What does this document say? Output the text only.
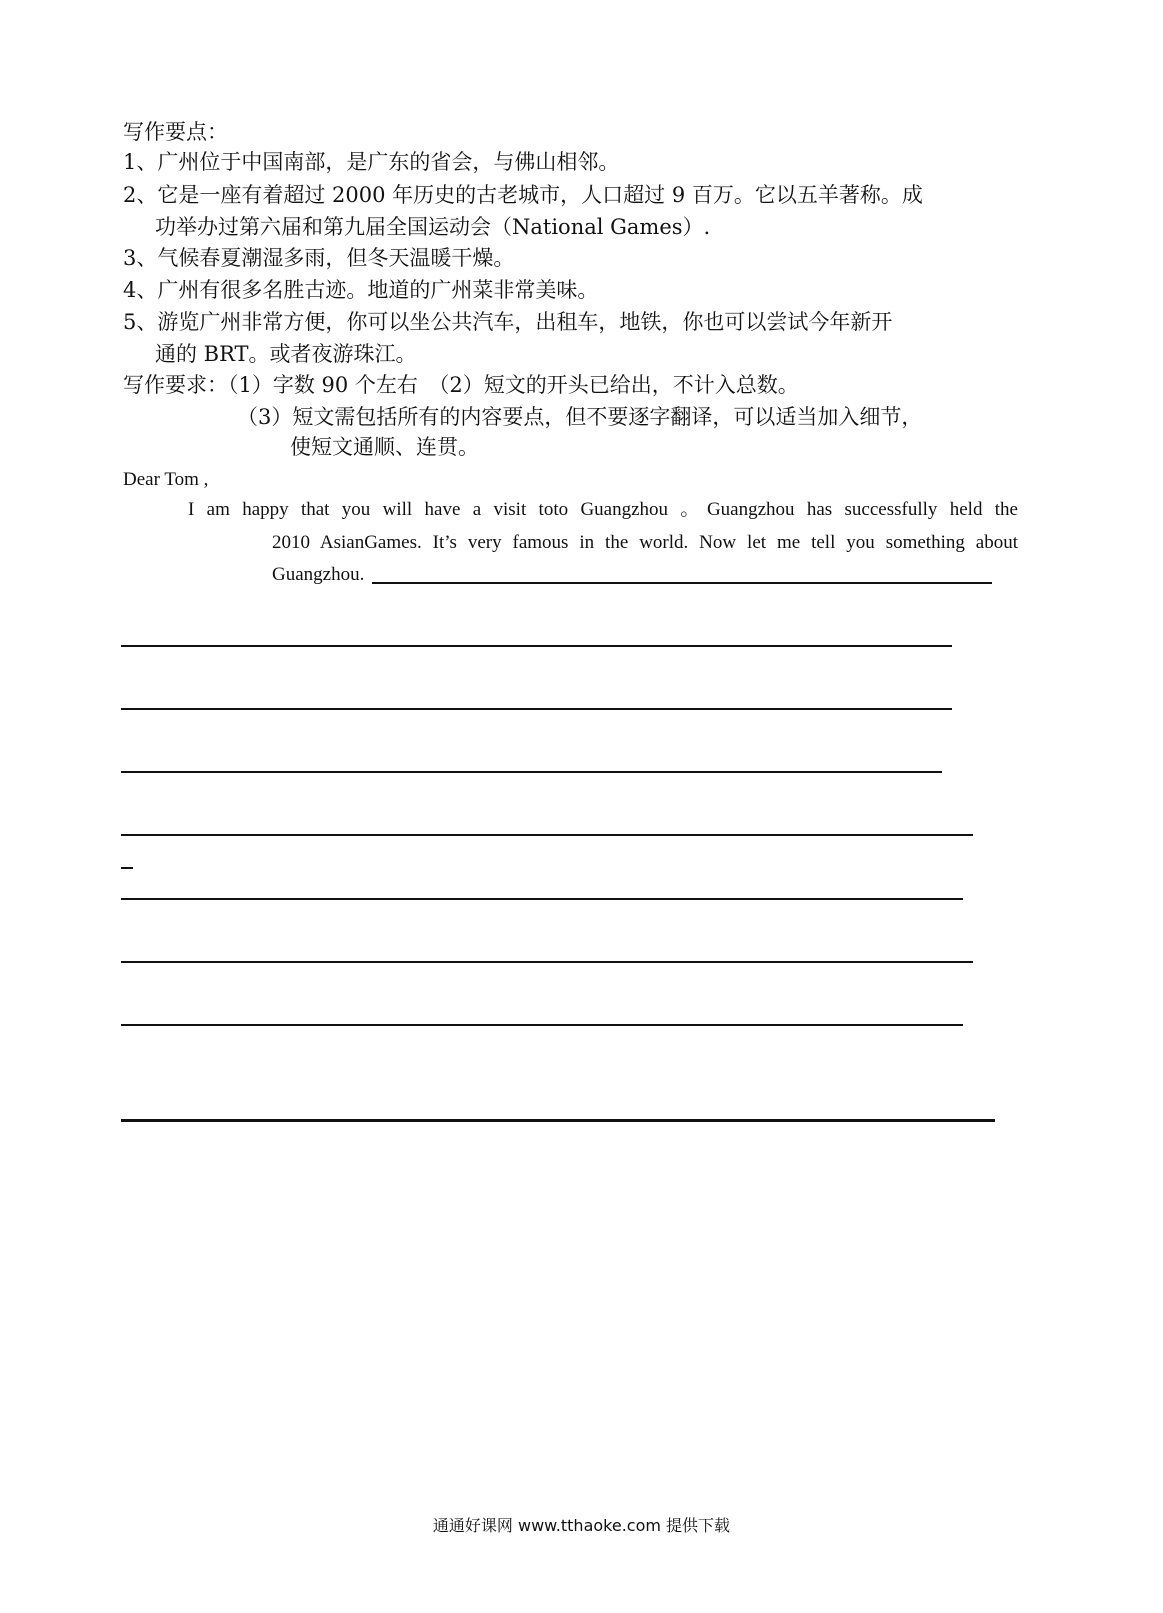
写作要点：
1、广州位于中国南部，是广东的省会，与佛山相邻。
2、它是一座有着超过 2000 年历史的古老城市，人口超过 9 百万。它以五羊著称。成
功举办过第六届和第九届全国运动会（National Games）.
3、气候春夏潮湿多雨，但冬天温暖干燥。
4、广州有很多名胜古迹。地道的广州菜非常美味。
5、游览广州非常方便，你可以坐公共汽车，出租车，地铁，你也可以尝试今年新开
通的 BRT。或者夜游珠江。
写作要求：（1）字数 90 个左右　（2）短文的开头已给出，不计入总数。
（3）短文需包括所有的内容要点，但不要逐字翻译，可以适当加入细节，
使短文通顺、连贯。
Dear Tom ,
I am happy that you will have a visit toto Guangzhou 。Guangzhou has successfully held the
2010 AsianGames. It’s very famous in the world. Now let me tell you something about
Guangzhou.
通通好课网 www.tthaoke.com 提供下载
